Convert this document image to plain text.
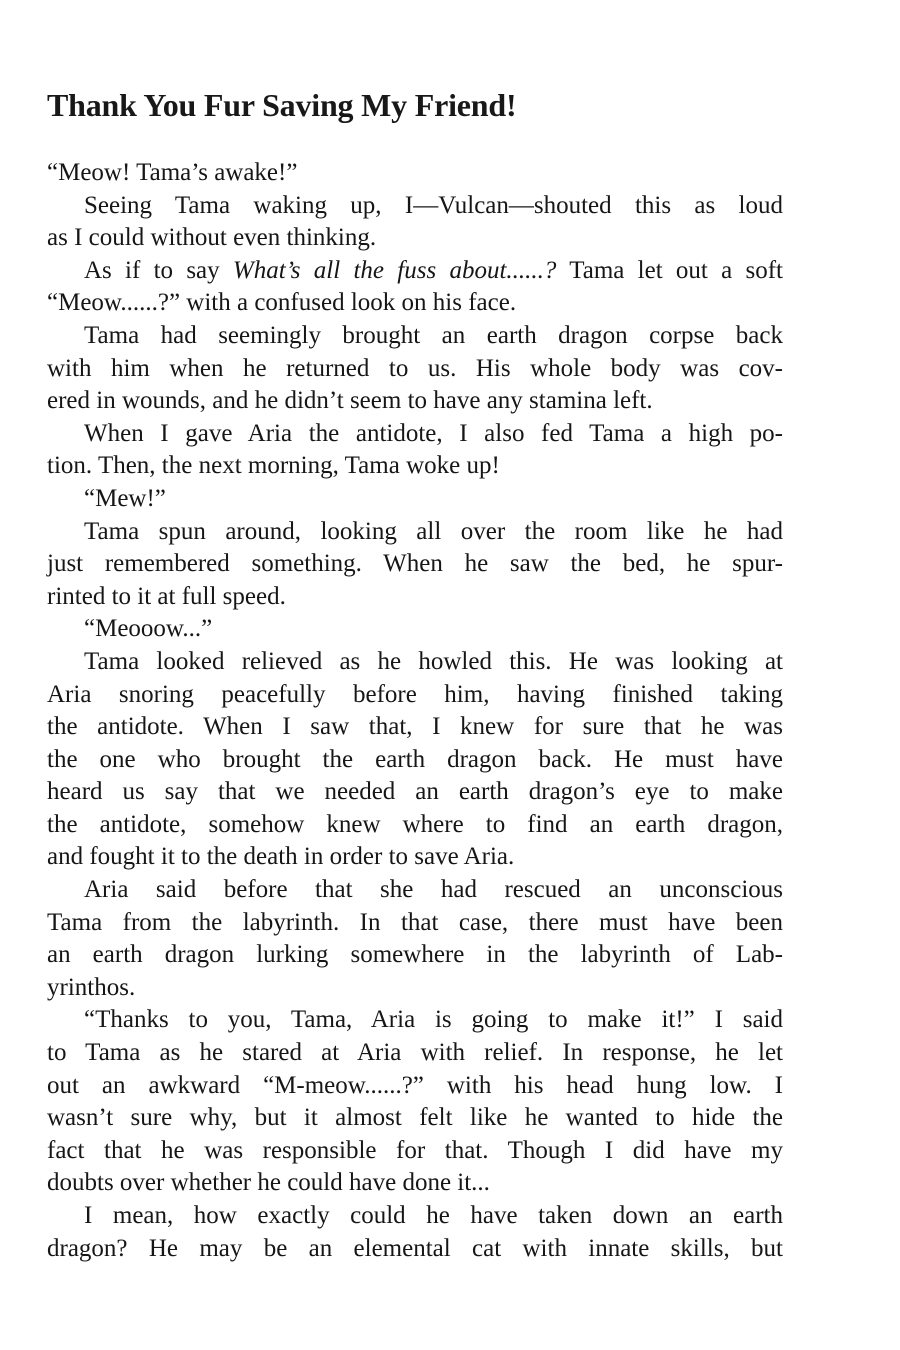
Thank You Fur Saving My Friend!

“Meow! Tama’s awake!”

Seeing Tama waking up, I—Vulcan—shouted this as loud
as I could without even thinking.

As if to say What’s all the fuss about......? Tama let out a soft
“Meow......?” with a confused look on his face.

Tama had seemingly brought an earth dragon corpse back
with him when he returned to us. His whole body was cov-
ered in wounds, and he didn’t seem to have any stamina left.

When I gave Aria the antidote, I also fed Tama a high po-
tion. Then, the next morning, Tama woke up!

“Mew!”

Tama spun around, looking all over the room like he had
just remembered something. When he saw the bed, he spur-
rinted to it at full speed.

“Meooow...”

Tama looked relieved as he howled this. He was looking at
Aria snoring peacefully before him, having finished taking
the antidote. When I saw that, I knew for sure that he was
the one who brought the earth dragon back. He must have
heard us say that we needed an earth dragon’s eye to make
the antidote, somehow knew where to find an earth dragon,
and fought it to the death in order to save Aria.

Aria said before that she had rescued an unconscious
Tama from the labyrinth. In that case, there must have been
an earth dragon lurking somewhere in the labyrinth of Lab-
yrinthos.

“Thanks to you, Tama, Aria is going to make it!” I said
to Tama as he stared at Aria with relief. In response, he let
out an awkward “M-meow......?” with his head hung low. I
wasn’t sure why, but it almost felt like he wanted to hide the
fact that he was responsible for that. Though I did have my
doubts over whether he could have done it...

I mean, how exactly could he have taken down an earth
dragon? He may be an elemental cat with innate skills, but
